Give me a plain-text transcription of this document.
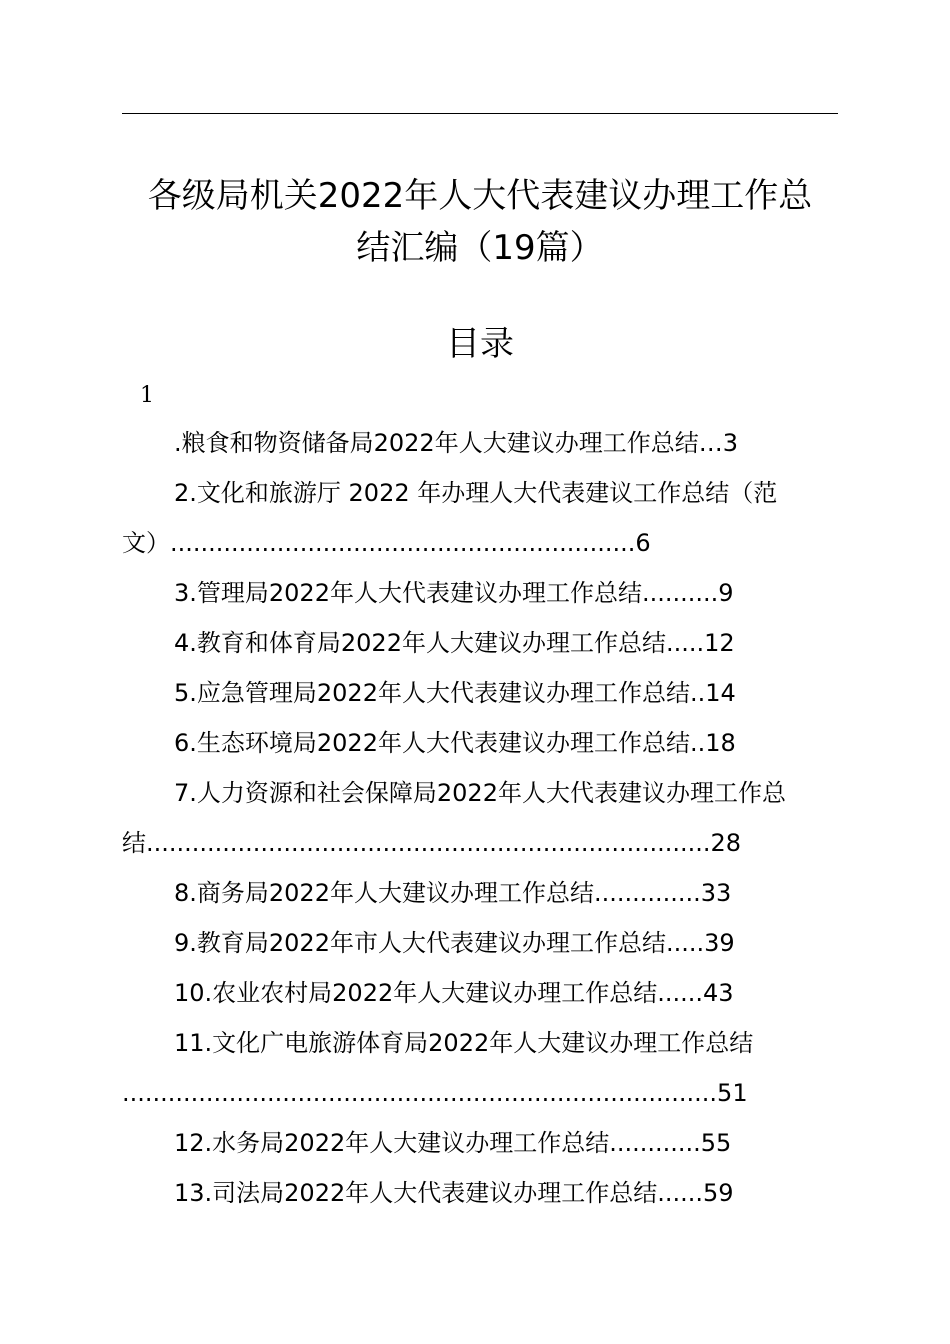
各级局机关2022年人大代表建议办理工作总
结汇编（19篇）
目录
1
.粮食和物资储备局2022年人大建议办理工作总结…3
2.文化和旅游厅 2022 年办理人大代表建议工作总结（范
文）.............................................................6
3.管理局2022年人大代表建议办理工作总结..........9
4.教育和体育局2022年人大建议办理工作总结.....12
5.应急管理局2022年人大代表建议办理工作总结..14
6.生态环境局2022年人大代表建议办理工作总结..18
7.人力资源和社会保障局2022年人大代表建议办理工作总
结..........................................................................28
8.商务局2022年人大建议办理工作总结..............33
9.教育局2022年市人大代表建议办理工作总结.....39
10.农业农村局2022年人大建议办理工作总结......43
11.文化广电旅游体育局2022年人大建议办理工作总结
..............................................................................51
12.水务局2022年人大建议办理工作总结............55
13.司法局2022年人大代表建议办理工作总结......59
